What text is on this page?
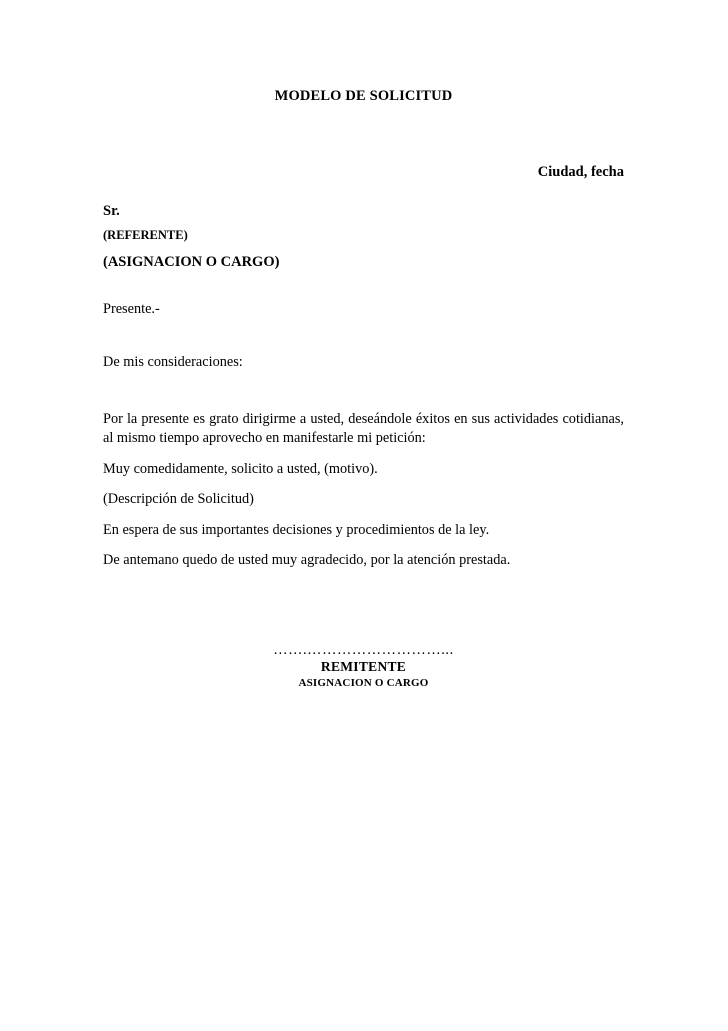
MODELO DE SOLICITUD

Ciudad, fecha

Sr.
(REFERENTE)
(ASIGNACION O CARGO)

Presente.-

De mis consideraciones:

Por la presente es grato dirigirme a usted, deseándole éxitos en sus actividades cotidianas, al mismo tiempo aprovecho en manifestarle mi petición:

Muy comedidamente, solicito a usted, (motivo).

(Descripción de Solicitud)

En espera de sus importantes decisiones y procedimientos de la ley.

De antemano quedo de usted muy agradecido, por la atención prestada.

…….………………………...

REMITENTE

ASIGNACION O CARGO
